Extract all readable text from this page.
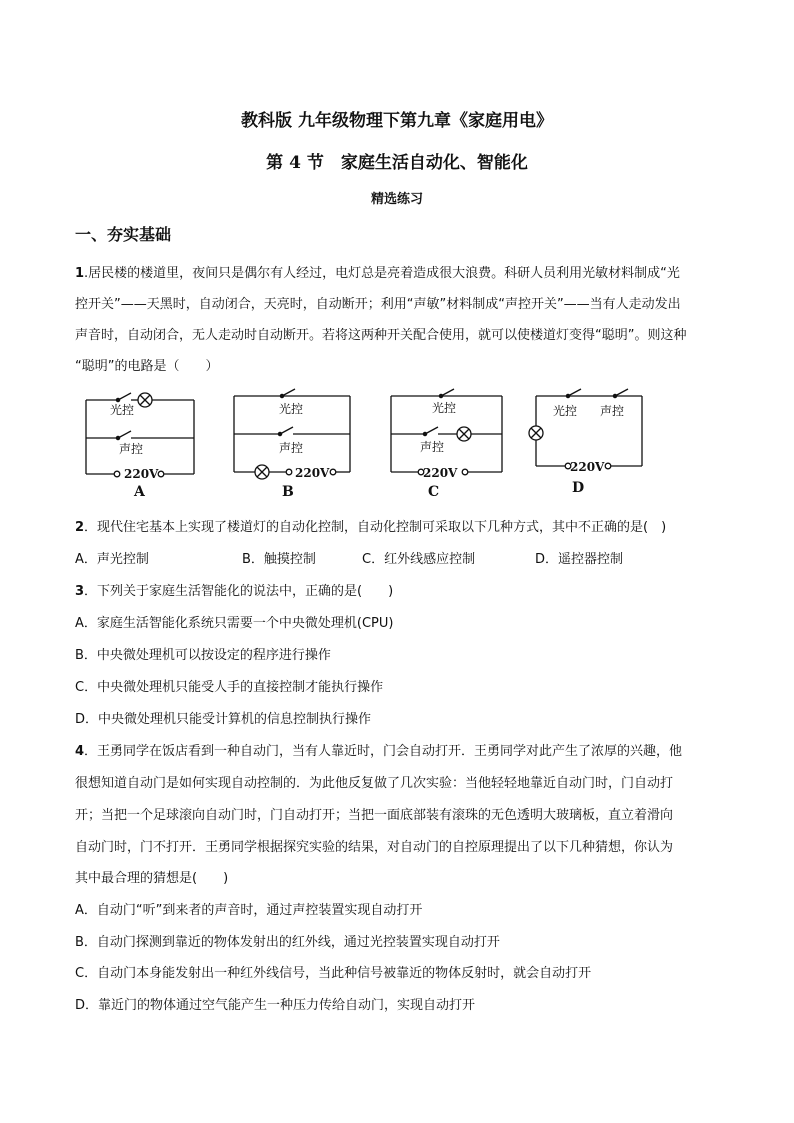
教科版 九年级物理下第九章《家庭用电》
第 4 节　家庭生活自动化、智能化
精选练习
一、夯实基础
1.居民楼的楼道里，夜间只是偶尔有人经过，电灯总是亮着造成很大浪费。科研人员利用光敏材料制成“光
控开关”——天黑时，自动闭合，天亮时，自动断开；利用“声敏”材料制成“声控开关”——当有人走动发出
声音时，自动闭合，无人走动时自动断开。若将这两种开关配合使用，就可以使楼道灯变得“聪明”。则这种
“聪明”的电路是（　　）
光控
声控
220V
A
光控
声控
220V
B
光控
声控
220V
C
光控 声控
220V
D
2．现代住宅基本上实现了楼道灯的自动化控制，自动化控制可采取以下几种方式，其中不正确的是(　)
A．声光控制	B．触摸控制	C．红外线感应控制	D．遥控器控制
3．下列关于家庭生活智能化的说法中，正确的是(　　)
A．家庭生活智能化系统只需要一个中央微处理机(CPU)
B．中央微处理机可以按设定的程序进行操作
C．中央微处理机只能受人手的直接控制才能执行操作
D．中央微处理机只能受计算机的信息控制执行操作
4．王勇同学在饭店看到一种自动门，当有人靠近时，门会自动打开．王勇同学对此产生了浓厚的兴趣，他
很想知道自动门是如何实现自动控制的．为此他反复做了几次实验：当他轻轻地靠近自动门时，门自动打
开；当把一个足球滚向自动门时，门自动打开；当把一面底部装有滚珠的无色透明大玻璃板，直立着滑向
自动门时，门不打开．王勇同学根据探究实验的结果，对自动门的自控原理提出了以下几种猜想，你认为
其中最合理的猜想是(　　)
A．自动门“听”到来者的声音时，通过声控装置实现自动打开
B．自动门探测到靠近的物体发射出的红外线，通过光控装置实现自动打开
C．自动门本身能发射出一种红外线信号，当此种信号被靠近的物体反射时，就会自动打开
D．靠近门的物体通过空气能产生一种压力传给自动门，实现自动打开
